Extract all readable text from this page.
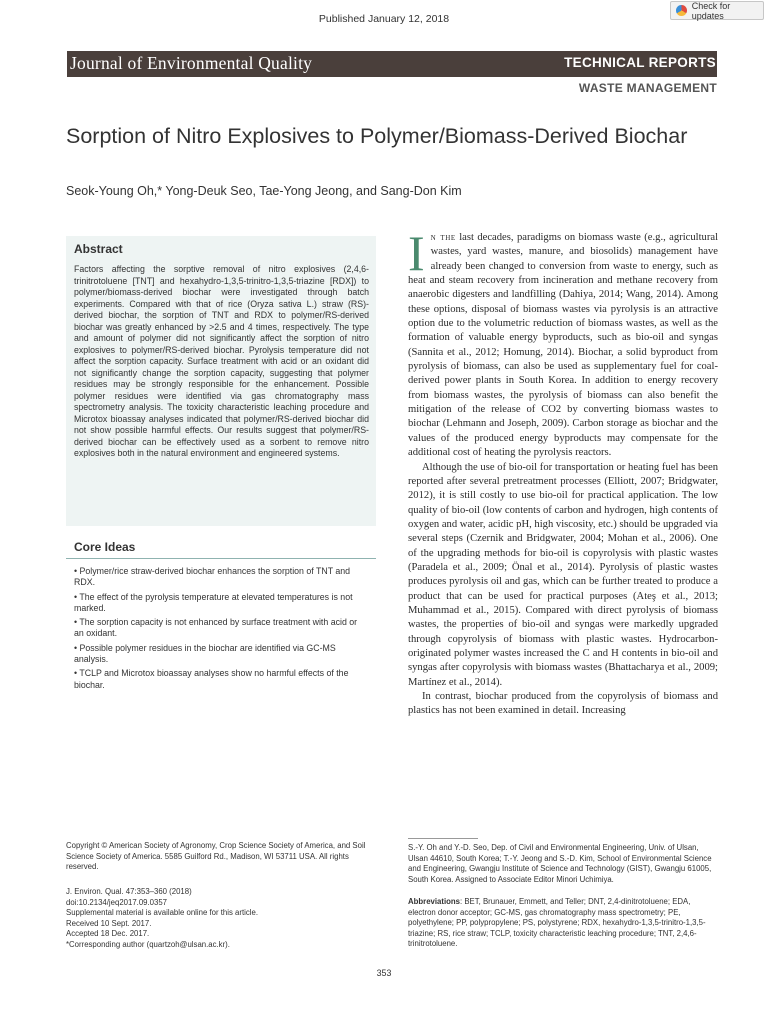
Published January 12, 2018
Check for updates
Journal of Environmental Quality	TECHNICAL REPORTS
WASTE MANAGEMENT
Sorption of Nitro Explosives to Polymer/Biomass-Derived Biochar
Seok-Young Oh,* Yong-Deuk Seo, Tae-Yong Jeong, and Sang-Don Kim
Abstract
Factors affecting the sorptive removal of nitro explosives (2,4,6-trinitrotoluene [TNT] and hexahydro-1,3,5-trinitro-1,3,5-triazine [RDX]) to polymer/biomass-derived biochar were investigated through batch experiments. Compared with that of rice (Oryza sativa L.) straw (RS)-derived biochar, the sorption of TNT and RDX to polymer/RS-derived biochar was greatly enhanced by >2.5 and 4 times, respectively. The type and amount of polymer did not significantly affect the sorption of nitro explosives to polymer/RS-derived biochar. Pyrolysis temperature did not affect the sorption capacity. Surface treatment with acid or an oxidant did not significantly change the sorption capacity, suggesting that polymer residues may be strongly responsible for the enhancement. Possible polymer residues were identified via gas chromatography mass spectrometry analysis. The toxicity characteristic leaching procedure and Microtox bioassay analyses indicated that polymer/RS-derived biochar did not show possible harmful effects. Our results suggest that polymer/RS-derived biochar can be effectively used as a sorbent to remove nitro explosives both in the natural environment and engineered systems.
Core Ideas
• Polymer/rice straw-derived biochar enhances the sorption of TNT and RDX.
• The effect of the pyrolysis temperature at elevated temperatures is not marked.
• The sorption capacity is not enhanced by surface treatment with acid or an oxidant.
• Possible polymer residues in the biochar are identified via GC-MS analysis.
• TCLP and Microtox bioassay analyses show no harmful effects of the biochar.

In the last decades, paradigms on biomass waste (e.g., agricultural wastes, yard wastes, manure, and biosolids) management have already been changed to conversion from waste to energy, such as heat and steam recovery from incineration and methane recovery from anaerobic digesters and landfilling (Dahiya, 2014; Wang, 2014). Among these options, disposal of biomass wastes via pyrolysis is an attractive option due to the volumetric reduction of biomass wastes, as well as the formation of valuable energy byproducts, such as bio-oil and syngas (Sannita et al., 2012; Homung, 2014). Biochar, a solid byproduct from pyrolysis of biomass, can also be used as supplementary fuel for coal-derived power plants in South Korea. In addition to energy recovery from biomass wastes, the pyrolysis of biomass can also benefit the mitigation of the release of CO2 by converting biomass wastes to biochar (Lehmann and Joseph, 2009). Carbon storage as biochar and the values of the produced energy byproducts may compensate for the additional cost of heating the pyrolysis reactors.

Although the use of bio-oil for transportation or heating fuel has been reported after several pretreatment processes (Elliott, 2007; Bridgwater, 2012), it is still costly to use bio-oil for practical application. The low quality of bio-oil (low contents of carbon and hydrogen, high contents of oxygen and water, acidic pH, high viscosity, etc.) should be upgraded via several steps (Czernik and Bridgwater, 2004; Mohan et al., 2006). One of the upgrading methods for bio-oil is copyrolysis with plastic wastes (Paradela et al., 2009; Önal et al., 2014). Pyrolysis of plastic wastes produces pyrolysis oil and gas, which can be further treated to produce a product that can be used for practical purposes (Ateş et al., 2013; Muhammad et al., 2015). Compared with direct pyrolysis of biomass wastes, the properties of bio-oil and syngas were markedly upgraded through copyrolysis of biomass with plastic wastes. Hydrocarbon-originated polymer wastes increased the C and H contents in bio-oil and syngas after copyrolysis with biomass wastes (Bhattacharya et al., 2009; Martínez et al., 2014).

In contrast, biochar produced from the copyrolysis of biomass and plastics has not been examined in detail. Increasing

Copyright © American Society of Agronomy, Crop Science Society of America, and Soil Science Society of America. 5585 Guilford Rd., Madison, WI 53711 USA. All rights reserved.
J. Environ. Qual. 47:353–360 (2018)
doi:10.2134/jeq2017.09.0357
Supplemental material is available online for this article.
Received 10 Sept. 2017.
Accepted 18 Dec. 2017.
*Corresponding author (quartzoh@ulsan.ac.kr).
S.-Y. Oh and Y.-D. Seo, Dep. of Civil and Environmental Engineering, Univ. of Ulsan, Ulsan 44610, South Korea; T.-Y. Jeong and S.-D. Kim, School of Environmental Science and Engineering, Gwangju Institute of Science and Technology (GIST), Gwangju 61005, South Korea. Assigned to Associate Editor Minori Uchimiya.
Abbreviations: BET, Brunauer, Emmett, and Teller; DNT, 2,4-dinitrotoluene; EDA, electron donor acceptor; GC-MS, gas chromatography mass spectrometry; PE, polyethylene; PP, polypropylene; PS, polystyrene; RDX, hexahydro-1,3,5-trinitro-1,3,5-triazine; RS, rice straw; TCLP, toxicity characteristic leaching procedure; TNT, 2,4,6-trinitrotoluene.
353
